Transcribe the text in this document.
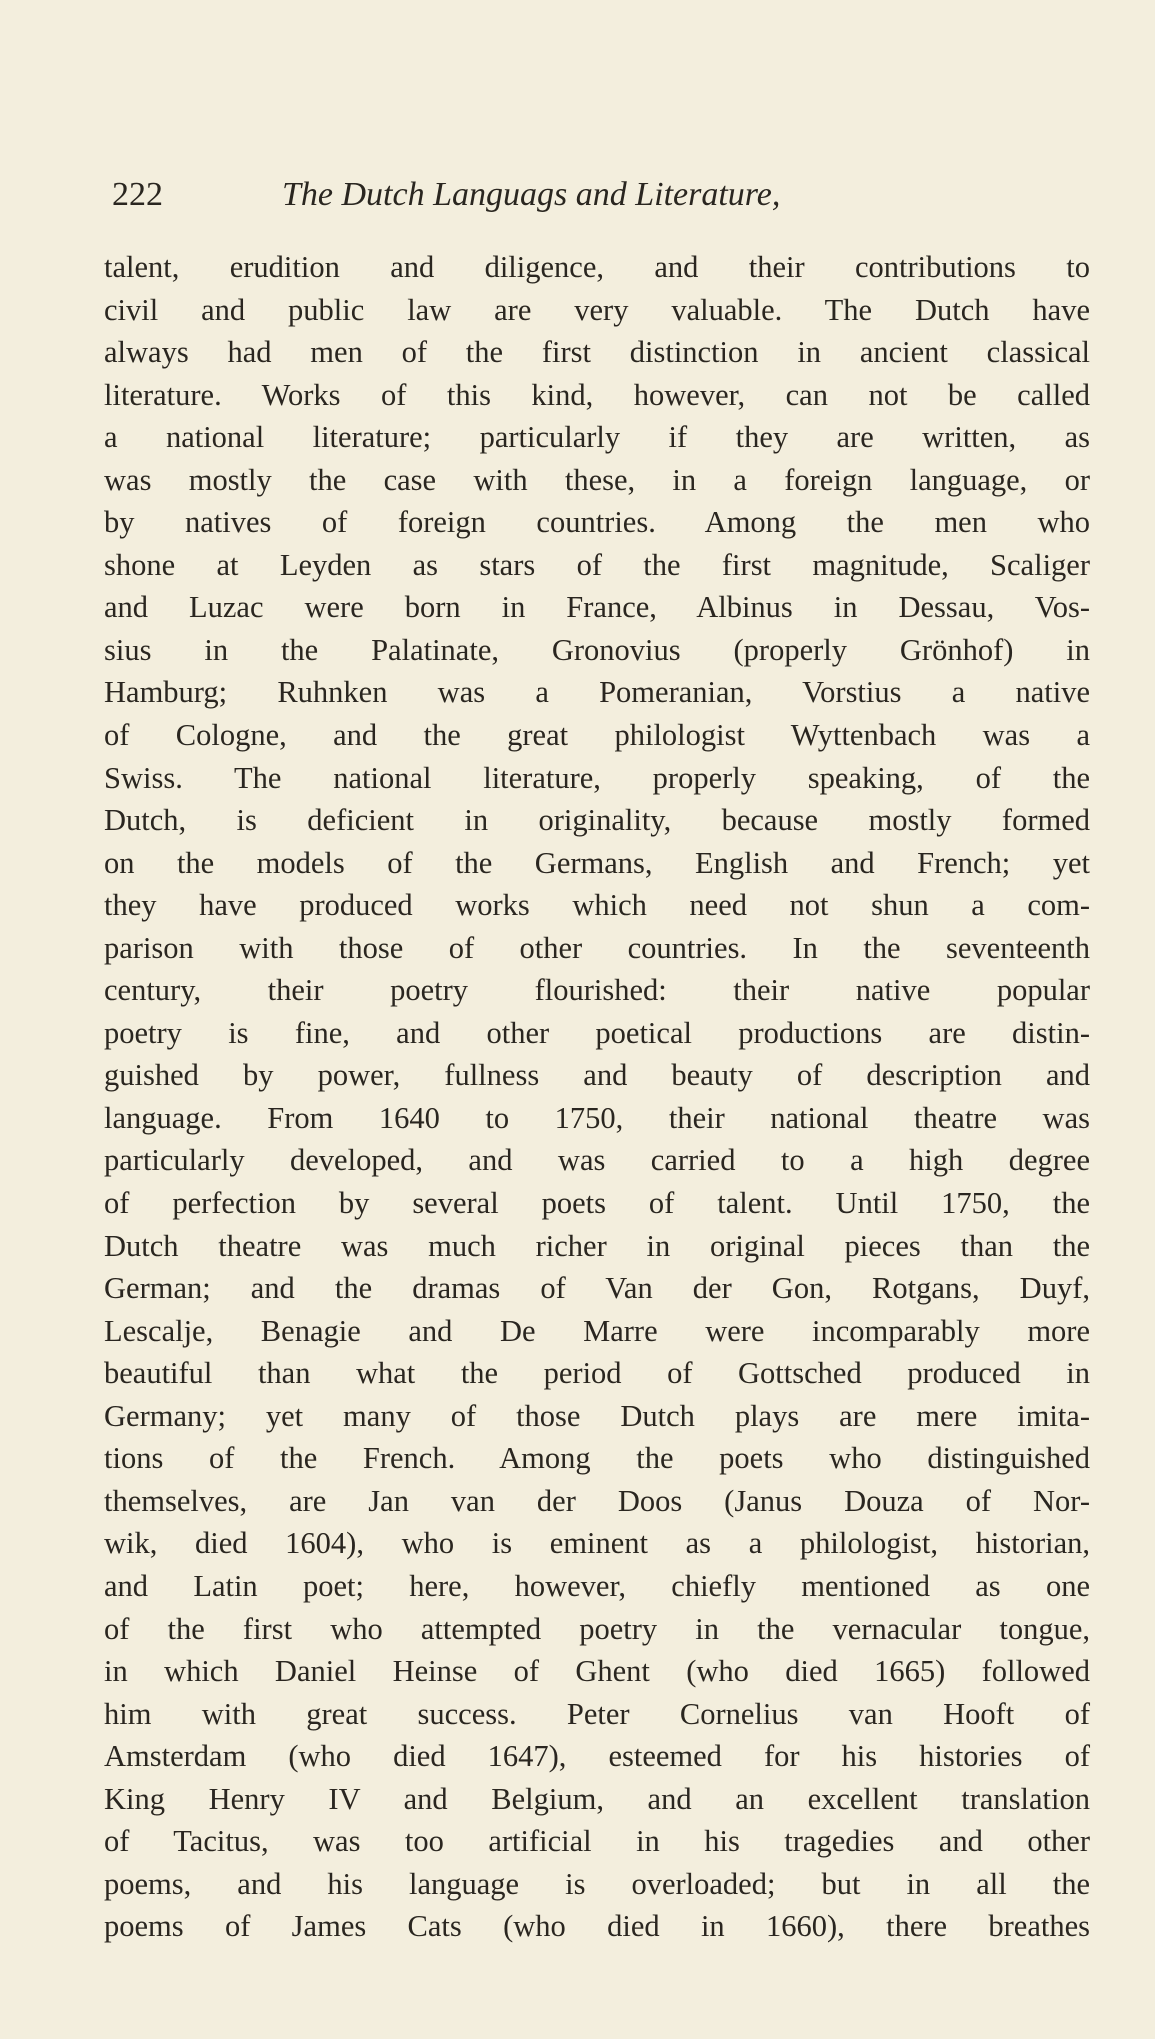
222	The Dutch Languags and Literature,
talent, erudition and diligence, and their contributions to
civil and public law are very valuable. The Dutch have
always had men of the first distinction in ancient classical
literature. Works of this kind, however, can not be called
a national literature; particularly if they are written, as
was mostly the case with these, in a foreign language, or
by natives of foreign countries. Among the men who
shone at Leyden as stars of the first magnitude, Scaliger
and Luzac were born in France, Albinus in Dessau, Vos-
sius in the Palatinate, Gronovius (properly Grönhof) in
Hamburg; Ruhnken was a Pomeranian, Vorstius a native
of Cologne, and the great philologist Wyttenbach was a
Swiss. The national literature, properly speaking, of the
Dutch, is deficient in originality, because mostly formed
on the models of the Germans, English and French; yet
they have produced works which need not shun a com-
parison with those of other countries. In the seventeenth
century, their poetry flourished: their native popular
poetry is fine, and other poetical productions are distin-
guished by power, fullness and beauty of description and
language. From 1640 to 1750, their national theatre was
particularly developed, and was carried to a high degree
of perfection by several poets of talent. Until 1750, the
Dutch theatre was much richer in original pieces than the
German; and the dramas of Van der Gon, Rotgans, Duyf,
Lescalje, Benagie and De Marre were incomparably more
beautiful than what the period of Gottsched produced in
Germany; yet many of those Dutch plays are mere imita-
tions of the French. Among the poets who distinguished
themselves, are Jan van der Doos (Janus Douza of Nor-
wik, died 1604), who is eminent as a philologist, historian,
and Latin poet; here, however, chiefly mentioned as one
of the first who attempted poetry in the vernacular tongue,
in which Daniel Heinse of Ghent (who died 1665) followed
him with great success. Peter Cornelius van Hooft of
Amsterdam (who died 1647), esteemed for his histories of
King Henry IV and Belgium, and an excellent translation
of Tacitus, was too artificial in his tragedies and other
poems, and his language is overloaded; but in all the
poems of James Cats (who died in 1660), there breathes
